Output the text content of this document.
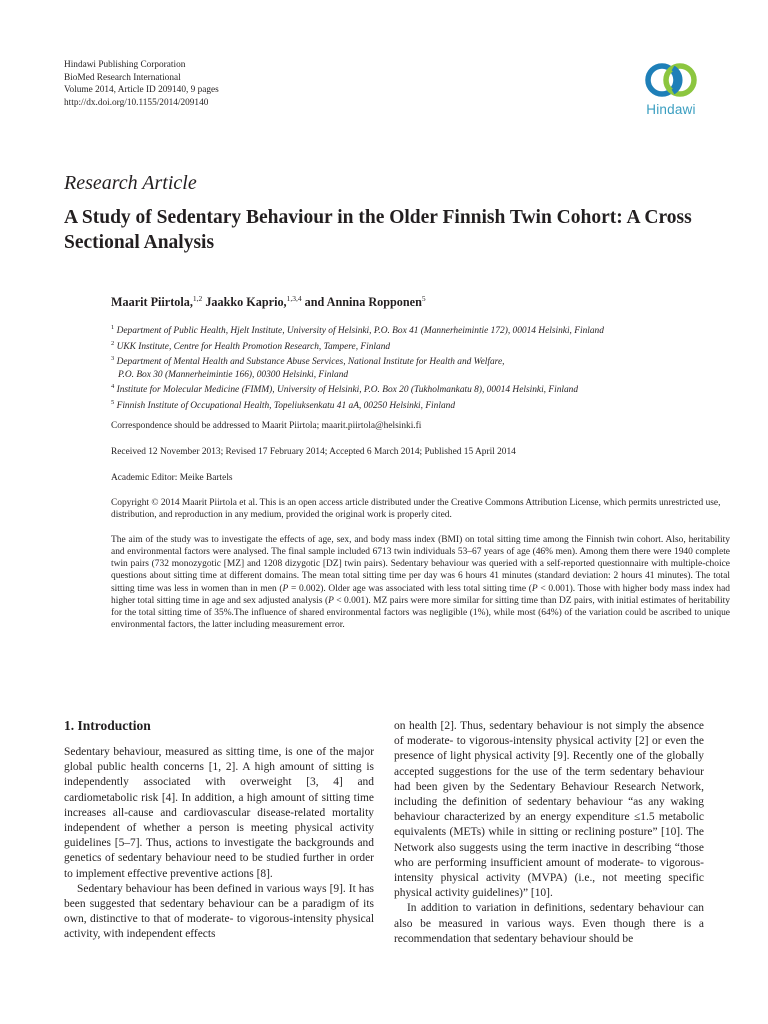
Hindawi Publishing Corporation
BioMed Research International
Volume 2014, Article ID 209140, 9 pages
http://dx.doi.org/10.1155/2014/209140	Hindawi
Research Article
A Study of Sedentary Behaviour in the Older Finnish Twin Cohort: A Cross Sectional Analysis
Maarit Piirtola,$^{1,2}$ Jaakko Kaprio,$^{1,3,4}$ and Annina Ropponen$^5$
$^1$ Department of Public Health, Hjelt Institute, University of Helsinki, P.O. Box 41 (Mannerheimintie 172), 00014 Helsinki, Finland
$^2$ UKK Institute, Centre for Health Promotion Research, Tampere, Finland
$^3$ Department of Mental Health and Substance Abuse Services, National Institute for Health and Welfare,
P.O. Box 30 (Mannerheimintie 166), 00300 Helsinki, Finland
$^4$ Institute for Molecular Medicine (FIMM), University of Helsinki, P.O. Box 20 (Tukholmankatu 8), 00014 Helsinki, Finland
$^5$ Finnish Institute of Occupational Health, Topeliuksenkatu 41 aA, 00250 Helsinki, Finland
Correspondence should be addressed to Maarit Piirtola; maarit.piirtola@helsinki.fi
Received 12 November 2013; Revised 17 February 2014; Accepted 6 March 2014; Published 15 April 2014
Academic Editor: Meike Bartels
Copyright © 2014 Maarit Piirtola et al. This is an open access article distributed under the Creative Commons Attribution License, which permits unrestricted use, distribution, and reproduction in any medium, provided the original work is properly cited.
The aim of the study was to investigate the effects of age, sex, and body mass index (BMI) on total sitting time among the Finnish twin cohort. Also, heritability and environmental factors were analysed. The final sample included 6713 twin individuals 53–67 years of age (46% men). Among them there were 1940 complete twin pairs (732 monozygotic [MZ] and 1208 dizygotic [DZ] twin pairs). Sedentary behaviour was queried with a self-reported questionnaire with multiple-choice questions about sitting time at different domains. The mean total sitting time per day was 6 hours 41 minutes (standard deviation: 2 hours 41 minutes). The total sitting time was less in women than in men (P = 0.002). Older age was associated with less total sitting time (P < 0.001). Those with higher body mass index had higher total sitting time in age and sex adjusted analysis (P < 0.001). MZ pairs were more similar for sitting time than DZ pairs, with initial estimates of heritability for the total sitting time of 35%.The influence of shared environmental factors was negligible (1%), while most (64%) of the variation could be ascribed to unique environmental factors, the latter including measurement error.
1. Introduction

Sedentary behaviour, measured as sitting time, is one of the major global public health concerns [1, 2]. A high amount of sitting is independently associated with overweight [3, 4] and cardiometabolic risk [4]. In addition, a high amount of sitting time increases all-cause and cardiovascular disease-related mortality independent of whether a person is meeting physical activity guidelines [5–7]. Thus, actions to investigate the backgrounds and genetics of sedentary behaviour need to be studied further in order to implement effective preventive actions [8].

Sedentary behaviour has been defined in various ways [9]. It has been suggested that sedentary behaviour can be a paradigm of its own, distinctive to that of moderate- to vigorous-intensity physical activity, with independent effects

on health [2]. Thus, sedentary behaviour is not simply the absence of moderate- to vigorous-intensity physical activity [2] or even the presence of light physical activity [9]. Recently one of the globally accepted suggestions for the use of the term sedentary behaviour had been given by the Sedentary Behaviour Research Network, including the definition of sedentary behaviour “as any waking behaviour characterized by an energy expenditure ≤1.5 metabolic equivalents (METs) while in sitting or reclining posture” [10]. The Network also suggests using the term inactive in describing “those who are performing insufficient amount of moderate- to vigorous-intensity physical activity (MVPA) (i.e., not meeting specific physical activity guidelines)” [10].

In addition to variation in definitions, sedentary behaviour can also be measured in various ways. Even though there is a recommendation that sedentary behaviour should be
